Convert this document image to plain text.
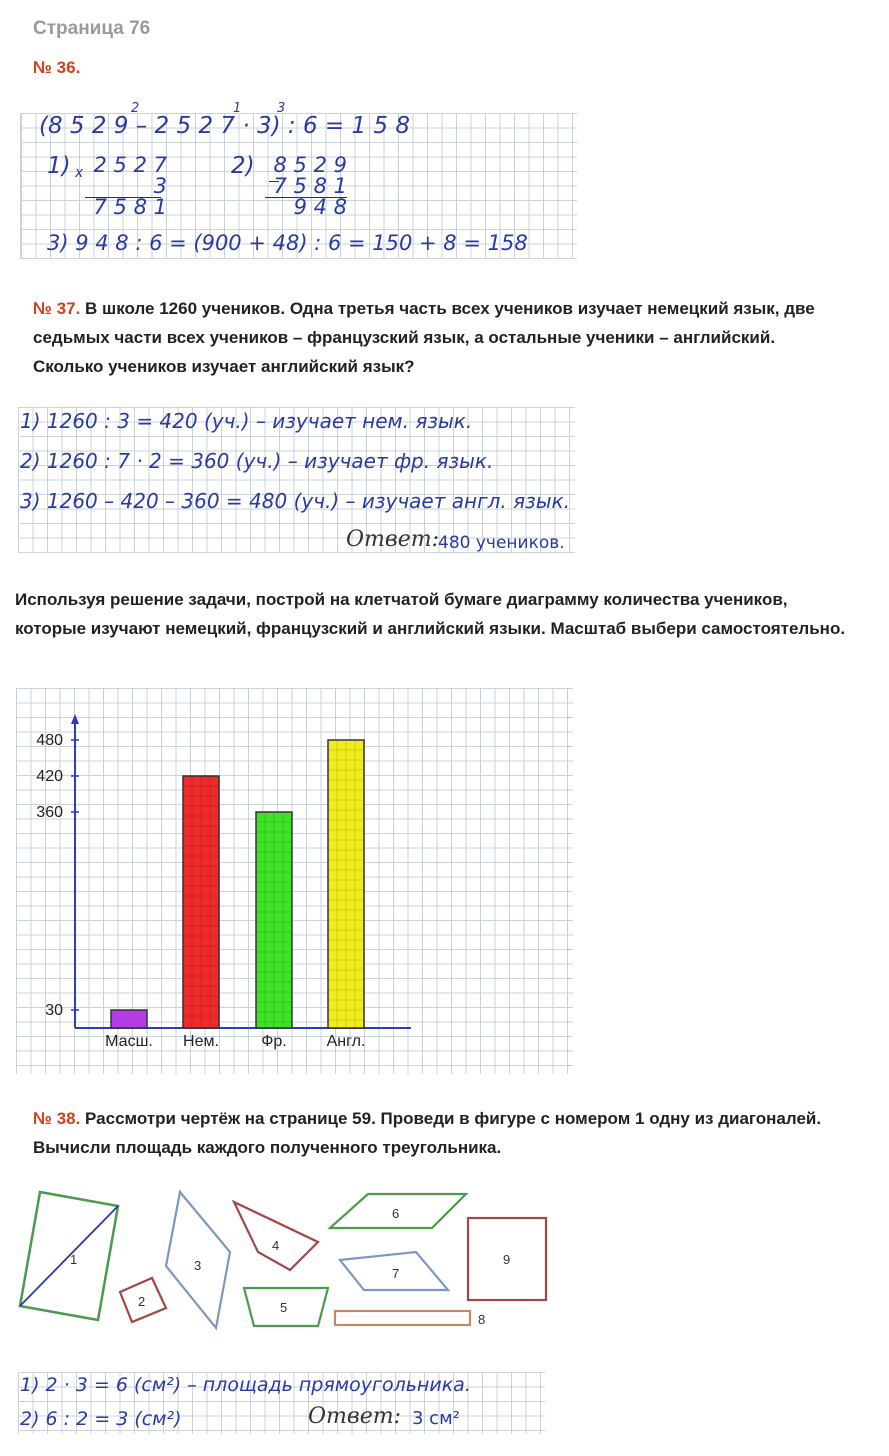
Страница 76
№ 36.
(8 5 2 9 – 2 5 2 7 · 3) : 6 = 1 5 8
2	1	3
1) x 2 5 2 7
3
7 5 8 1
2) 8 5 2 9
7 5 8 1
9 4 8
3) 9 4 8 : 6 = (900 + 48) : 6 = 150 + 8 = 158
№ 37. В школе 1260 учеников. Одна третья часть всех учеников изучает немецкий язык, две седьмых части всех учеников – французский язык, а остальные ученики – английский. Сколько учеников изучает английский язык?
1) 1260 : 3 = 420 (уч.) – изучает нем. язык.
2) 1260 : 7 · 2 = 360 (уч.) – изучает фр. язык.
3) 1260 – 420 – 360 = 480 (уч.) – изучает англ. язык.
Ответ: 480 учеников.
Используя решение задачи, построй на клетчатой бумаге диаграмму количества учеников, которые изучают немецкий, французский и английский языки. Масштаб выбери самостоятельно.
30
360
420
480
Масш. Нем.	Фр. Англ.
№ 38. Рассмотри чертёж на странице 59. Проведи в фигуре с номером 1 одну из диагоналей. Вычисли площадь каждого полученного треугольника.
1
2
3
4
5
6
7
8
9
1) 2 · 3 = 6 (см²) – площадь прямоугольника.
2) 6 : 2 = 3 (см²)	Ответ: 3 см²
